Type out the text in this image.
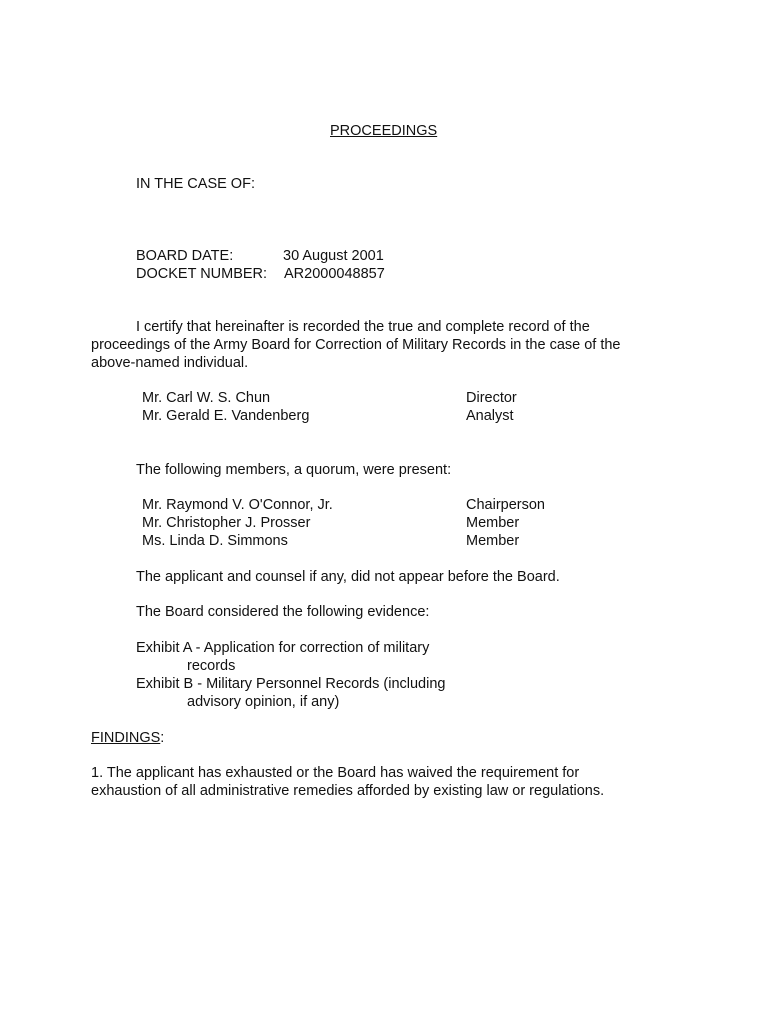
PROCEEDINGS
IN THE CASE OF:
BOARD DATE:	30 August 2001
DOCKET NUMBER: AR2000048857
I certify that hereinafter is recorded the true and complete record of the proceedings of the Army Board for Correction of Military Records in the case of the above-named individual.
Mr. Carl W. S. Chun	Director
Mr. Gerald E. Vandenberg	Analyst
The following members, a quorum, were present:
Mr. Raymond V. O'Connor, Jr.	Chairperson
Mr. Christopher J. Prosser	Member
Ms. Linda D. Simmons	Member
The applicant and counsel if any, did not appear before the Board.
The Board considered the following evidence:
Exhibit A - Application for correction of military
records
Exhibit B - Military Personnel Records (including
advisory opinion, if any)
FINDINGS:
1. The applicant has exhausted or the Board has waived the requirement for
exhaustion of all administrative remedies afforded by existing law or regulations.
